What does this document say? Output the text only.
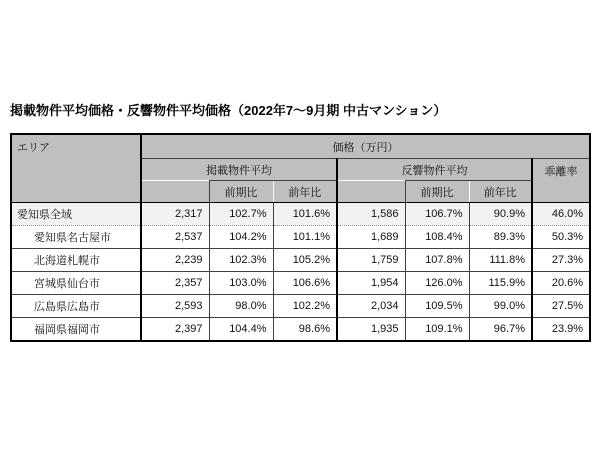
掲載物件平均価格・反響物件平均価格（2022年7〜9月期 中古マンション）
エリア	価格（万円）						
	掲載物件平均			反響物件平均			乖離率
		前期比	前年比		前期比	前年比	
愛知県全域	2,317	102.7%	101.6%	1,586	106.7%	90.9%	46.0%
愛知県名古屋市	2,537	104.2%	101.1%	1,689	108.4%	89.3%	50.3%
北海道札幌市	2,239	102.3%	105.2%	1,759	107.8%	111.8%	27.3%
宮城県仙台市	2,357	103.0%	106.6%	1,954	126.0%	115.9%	20.6%
広島県広島市	2,593	98.0%	102.2%	2,034	109.5%	99.0%	27.5%
福岡県福岡市	2,397	104.4%	98.6%	1,935	109.1%	96.7%	23.9%
